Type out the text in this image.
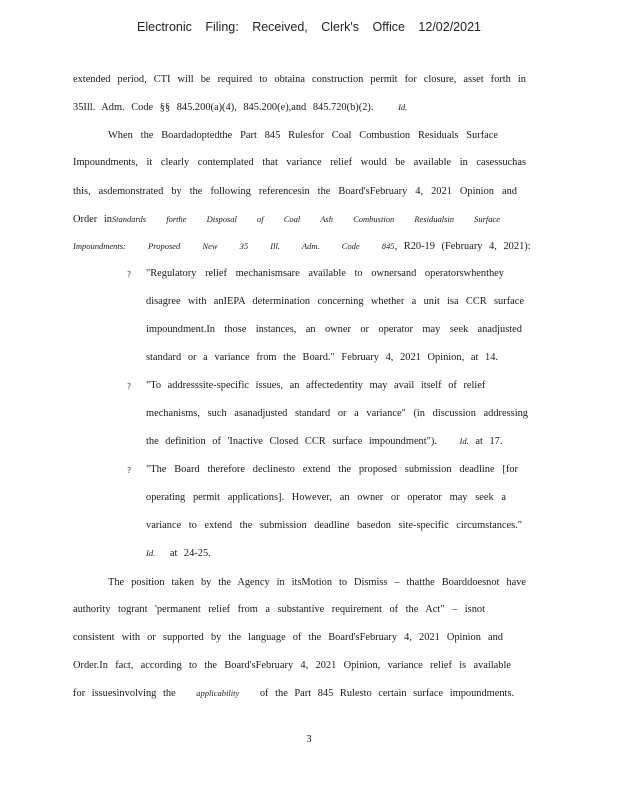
Electronic Filing: Received, Clerk's Office 12/02/2021
extended period, CTI will be required to obtaina construction permit for closure, asset forth in
35Ill. Adm. Code §§ 845.200(a)(4), 845.200(e),and 845.720(b)(2).	Id.
When the Boardadoptedthe Part 845 Rulesfor Coal Combustion Residuals Surface
Impoundments, it clearly contemplated that variance relief would be available in casessuchas
this, asdemonstrated by the following referencesin the Board'sFebruary 4, 2021 Opinion and
Order inStandards forthe Disposal of Coal Ash Combustion Residualsin Surface
Impoundments: Proposed New 35 Ill. Adm. Code 845, R20-19 (February 4, 2021):
? "Regulatory relief mechanismsare available to ownersand operatorswhenthey
disagree with anIEPA determination concerning whether a unit isa CCR surface
impoundment.In those instances, an owner or operator may seek anadjusted
standard or a variance from the Board." February 4, 2021 Opinion, at 14.
? "To addresssite-specific issues, an affectedentity may avail itself of relief
mechanisms, such asanadjusted standard or a variance" (in discussion addressing
the definition of 'Inactive Closed CCR surface impoundment").	Id. at 17.
? "The Board therefore declinesto extend the proposed submission deadline [for
operating permit applications]. However, an owner or operator may seek a
variance to extend the submission deadline basedon site-specific circumstances."
Id. at 24-25.
The position taken by the Agency in itsMotion to Dismiss – thatthe Boarddoesnot have
authority togrant 'permanent relief from a substantive requirement of the Act" – isnot
consistent with or supported by the language of the Board'sFebruary 4, 2021 Opinion and
Order.In fact, according to the Board'sFebruary 4, 2021 Opinion, variance relief is available
for issuesinvolving the applicability of the Part 845 Rulesto certain surface impoundments.
3
